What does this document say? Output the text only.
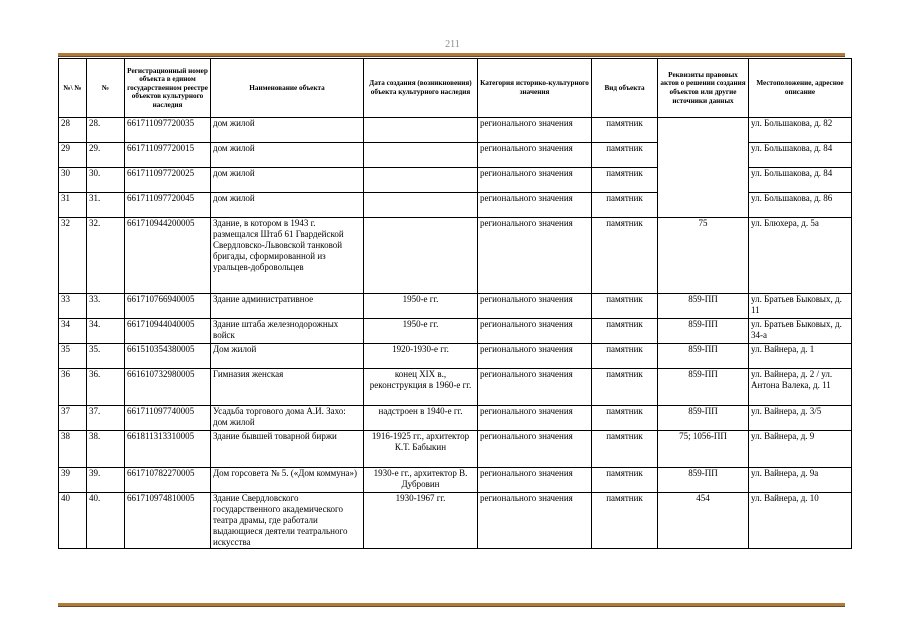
211
№\ №	№	Регистрационный номер объекта в едином государственном реестре объектов культурного наследия	Наименование объекта	Дата создания (возникновения) объекта культурного наследия	Категория историко-культурного значения	Вид объекта	Реквизиты правовых актов о решении создания объектов или другие источники данных	Местоположение, адресное описание
28	28.	661711097720035	дом жилой		регионального значения	памятник		ул. Большакова, д. 82
29	29.	661711097720015	дом жилой		регионального значения	памятник		ул. Большакова, д. 84
30	30.	661711097720025	дом жилой		регионального значения	памятник		ул. Большакова, д. 84
31	31.	661711097720045	дом жилой		регионального значения	памятник		ул. Большакова, д. 86
32	32.	661710944200005	Здание, в котором в 1943 г. размещался Штаб 61 Гвардейской Свердловско-Львовской танковой бригады, сформированной из уральцев-добровольцев		регионального значения	памятник	75	ул. Блюхера, д. 5а
33	33.	661710766940005	Здание административное	1950-е гг.	регионального значения	памятник	859-ПП	ул. Братьев Быковых, д. 11
34	34.	661710944040005	Здание штаба железнодорожных войск	1950-е гг.	регионального значения	памятник	859-ПП	ул. Братьев Быковых, д. 34-а
35	35.	661510354380005	Дом жилой	1920-1930-е гг.	регионального значения	памятник	859-ПП	ул. Вайнера, д. 1
36	36.	661610732980005	Гимназия женская	конец XIX в., реконструкция в 1960-е гг.	регионального значения	памятник	859-ПП	ул. Вайнера, д. 2 / ул. Антона Валека, д. 11
37	37.	661711097740005	Усадьба торгового дома А.И. Захо: дом жилой	надстроен в 1940-е гг.	регионального значения	памятник	859-ПП	ул. Вайнера, д. 3/5
38	38.	661811313310005	Здание бывшей товарной биржи	1916-1925 гг., архитектор К.Т. Бабыкин	регионального значения	памятник	75; 1056-ПП	ул. Вайнера, д. 9
39	39.	661710782270005	Дом горсовета № 5. («Дом коммуна»)	1930-е гг., архитектор В. Дубровин	регионального значения	памятник	859-ПП	ул. Вайнера, д. 9а
40	40.	661710974810005	Здание Свердловского государственного академического театра драмы, где работали выдающиеся деятели театрального искусства	1930-1967 гг.	регионального значения	памятник	454	ул. Вайнера, д. 10
